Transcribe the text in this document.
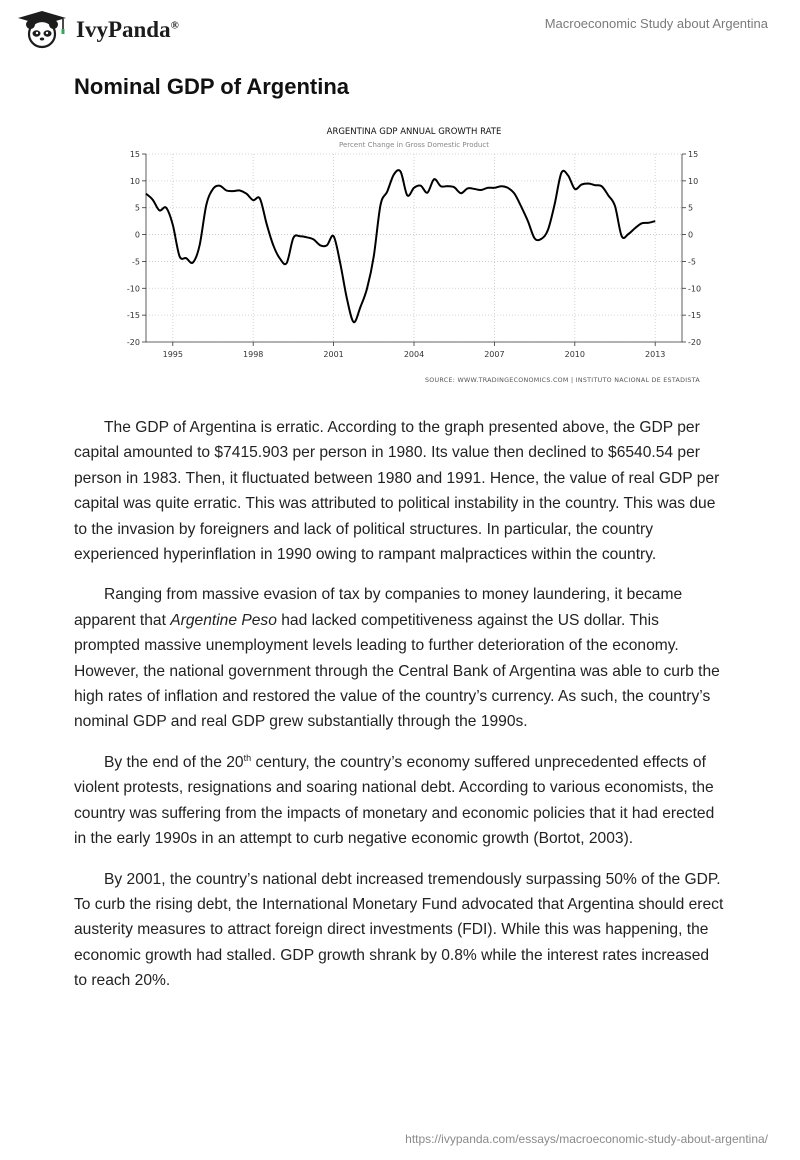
IvyPanda®	Macroeconomic Study about Argentina
Nominal GDP of Argentina
ARGENTINA GDP ANNUAL GROWTH RATE
Percent Change in Gross Domestic Product
15	15
10	10
5	5
0	0
-5	-5
-10	-10
-15	-15
-20	-20
1995	1998	2001	2004	2007	2010	2013
SOURCE: WWW.TRADINGECONOMICS.COM | INSTITUTO NACIONAL DE ESTADISTA

The GDP of Argentina is erratic. According to the graph presented above, the GDP per capital amounted to $7415.903 per person in 1980. Its value then declined to $6540.54 per person in 1983. Then, it fluctuated between 1980 and 1991. Hence, the value of real GDP per capital was quite erratic. This was attributed to political instability in the country. This was due to the invasion by foreigners and lack of political structures. In particular, the country experienced hyperinflation in 1990 owing to rampant malpractices within the country.

Ranging from massive evasion of tax by companies to money laundering, it became apparent that Argentine Peso had lacked competitiveness against the US dollar. This prompted massive unemployment levels leading to further deterioration of the economy. However, the national government through the Central Bank of Argentina was able to curb the high rates of inflation and restored the value of the country’s currency. As such, the country’s nominal GDP and real GDP grew substantially through the 1990s.

By the end of the 20th century, the country’s economy suffered unprecedented effects of violent protests, resignations and soaring national debt. According to various economists, the country was suffering from the impacts of monetary and economic policies that it had erected in the early 1990s in an attempt to curb negative economic growth (Bortot, 2003).

By 2001, the country’s national debt increased tremendously surpassing 50% of the GDP. To curb the rising debt, the International Monetary Fund advocated that Argentina should erect austerity measures to attract foreign direct investments (FDI). While this was happening, the economic growth had stalled. GDP growth shrank by 0.8% while the interest rates increased to reach 20%.

https://ivypanda.com/essays/macroeconomic-study-about-argentina/
